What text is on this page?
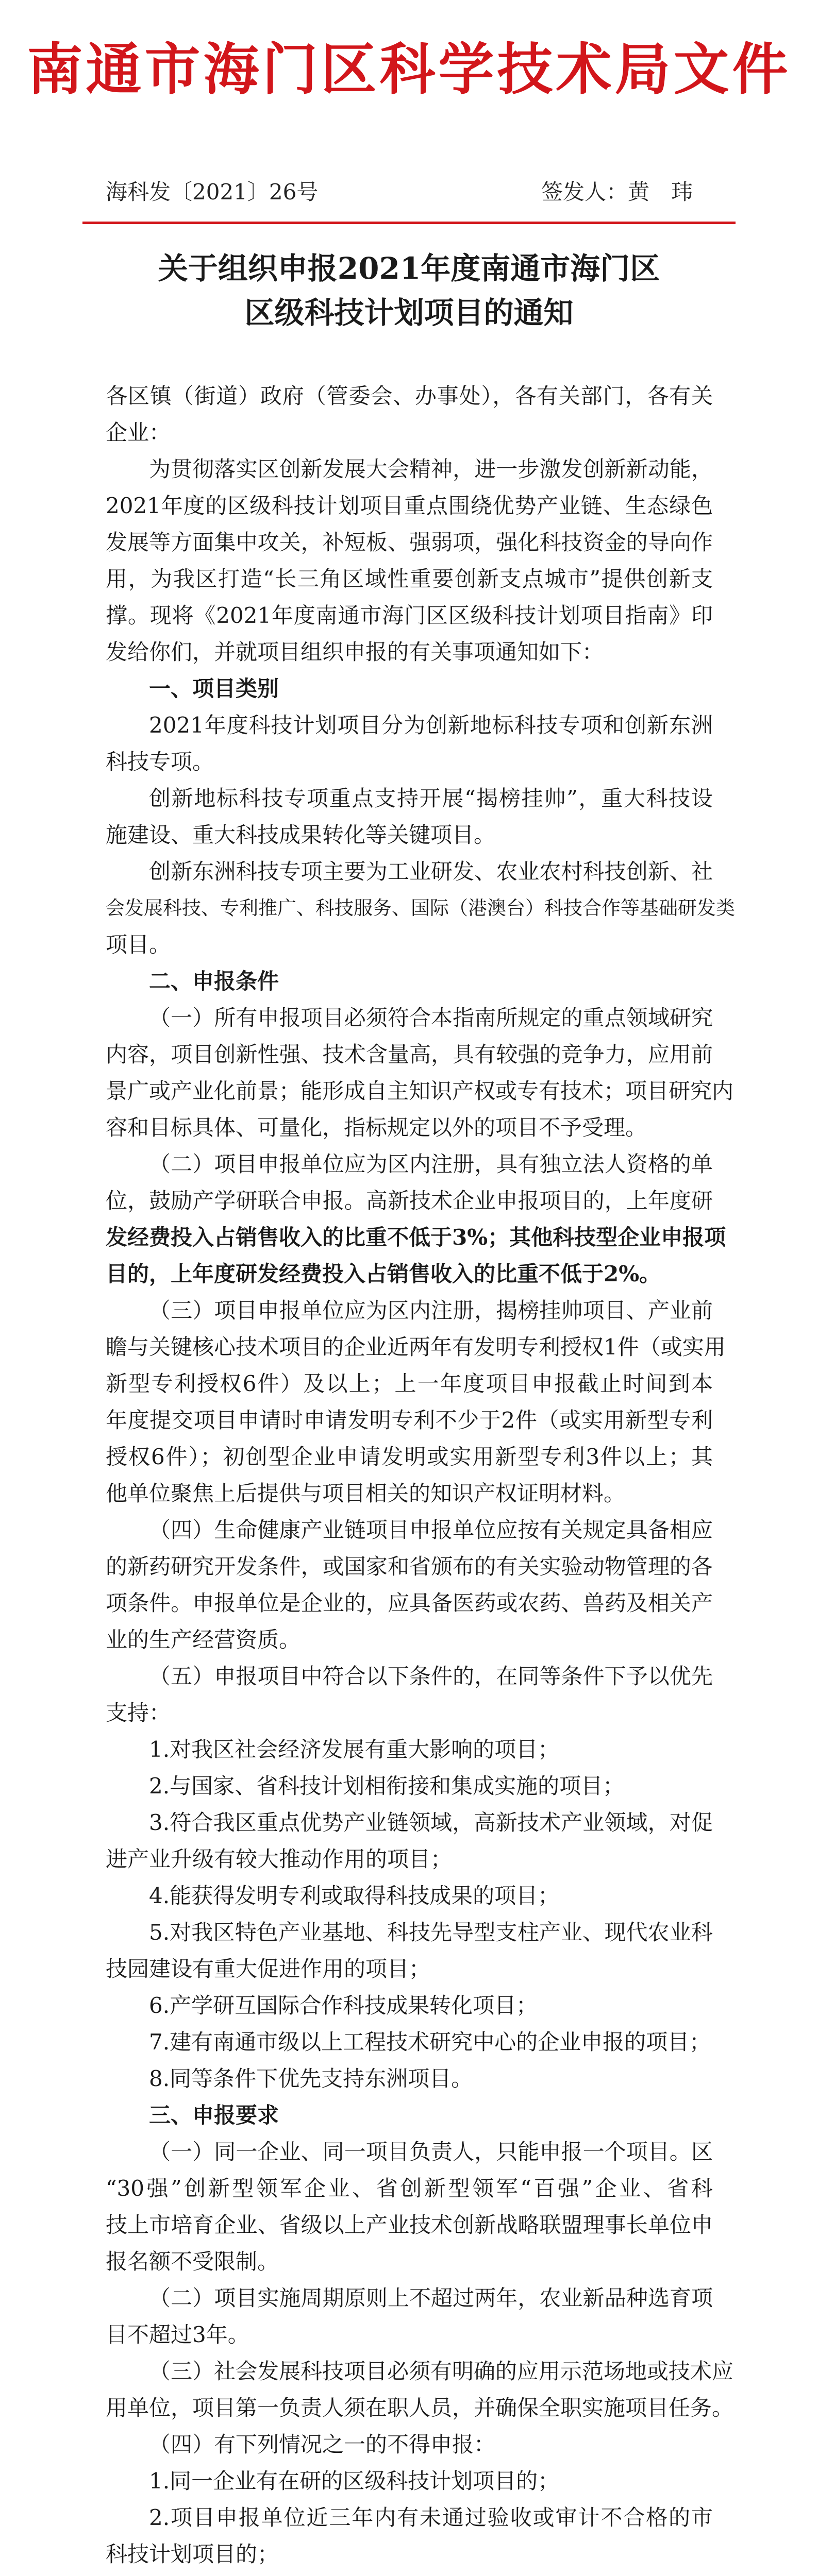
南通市海门区科学技术局文件
海科发〔2021〕26号	签发人：黄　玮
关于组织申报2021年度南通市海门区
区级科技计划项目的通知
各区镇（街道）政府（管委会、办事处），各有关部门，各有关
企业：
为贯彻落实区创新发展大会精神，进一步激发创新新动能，
2021年度的区级科技计划项目重点围绕优势产业链、生态绿色
发展等方面集中攻关，补短板、强弱项，强化科技资金的导向作
用，为我区打造“长三角区域性重要创新支点城市”提供创新支
撑。现将《2021年度南通市海门区区级科技计划项目指南》印
发给你们，并就项目组织申报的有关事项通知如下：
一、项目类别
2021年度科技计划项目分为创新地标科技专项和创新东洲
科技专项。
创新地标科技专项重点支持开展“揭榜挂帅”，重大科技设
施建设、重大科技成果转化等关键项目。
创新东洲科技专项主要为工业研发、农业农村科技创新、社
会发展科技、专利推广、科技服务、国际（港澳台）科技合作等基础研发类
项目。
二、申报条件
（一）所有申报项目必须符合本指南所规定的重点领域研究
内容，项目创新性强、技术含量高，具有较强的竞争力，应用前
景广或产业化前景；能形成自主知识产权或专有技术；项目研究内
容和目标具体、可量化，指标规定以外的项目不予受理。
（二）项目申报单位应为区内注册，具有独立法人资格的单
位，鼓励产学研联合申报。高新技术企业申报项目的，上年度研
发经费投入占销售收入的比重不低于3%；其他科技型企业申报项
目的，上年度研发经费投入占销售收入的比重不低于2%。
（三）项目申报单位应为区内注册，揭榜挂帅项目、产业前
瞻与关键核心技术项目的企业近两年有发明专利授权1件（或实用
新型专利授权6件）及以上；上一年度项目申报截止时间到本
年度提交项目申请时申请发明专利不少于2件（或实用新型专利
授权6件）；初创型企业申请发明或实用新型专利3件以上；其
他单位聚焦上后提供与项目相关的知识产权证明材料。
（四）生命健康产业链项目申报单位应按有关规定具备相应
的新药研究开发条件，或国家和省颁布的有关实验动物管理的各
项条件。申报单位是企业的，应具备医药或农药、兽药及相关产
业的生产经营资质。
（五）申报项目中符合以下条件的，在同等条件下予以优先
支持：
1.对我区社会经济发展有重大影响的项目；
2.与国家、省科技计划相衔接和集成实施的项目；
3.符合我区重点优势产业链领域，高新技术产业领域，对促
进产业升级有较大推动作用的项目；
4.能获得发明专利或取得科技成果的项目；
5.对我区特色产业基地、科技先导型支柱产业、现代农业科
技园建设有重大促进作用的项目；
6.产学研互国际合作科技成果转化项目；
7.建有南通市级以上工程技术研究中心的企业申报的项目；
8.同等条件下优先支持东洲项目。
三、申报要求
（一）同一企业、同一项目负责人，只能申报一个项目。区
“30强”创新型领军企业、省创新型领军“百强”企业、省科
技上市培育企业、省级以上产业技术创新战略联盟理事长单位申
报名额不受限制。
（二）项目实施周期原则上不超过两年，农业新品种选育项
目不超过3年。
（三）社会发展科技项目必须有明确的应用示范场地或技术应
用单位，项目第一负责人须在职人员，并确保全职实施项目任务。
（四）有下列情况之一的不得申报：
1.同一企业有在研的区级科技计划项目的；
2.项目申报单位近三年内有未通过验收或审计不合格的市
科技计划项目的；
